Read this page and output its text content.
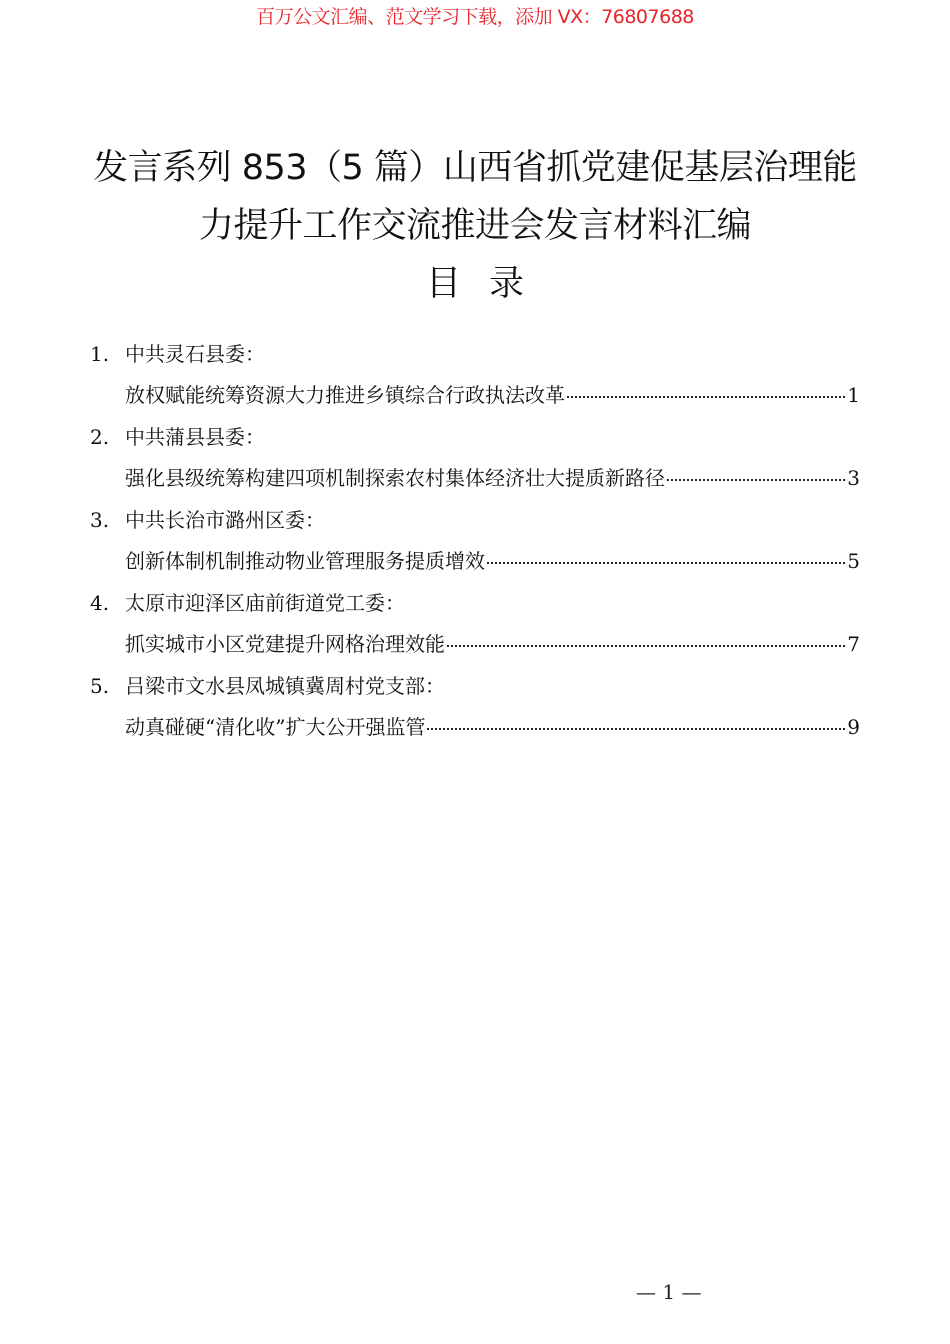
百万公文汇编、范文学习下载，添加 VX：76807688
发言系列 853（5 篇）山西省抓党建促基层治理能
力提升工作交流推进会发言材料汇编
目录
1. 中共灵石县委：
放权赋能统筹资源大力推进乡镇综合行政执法改革	1
2. 中共蒲县县委：
强化县级统筹构建四项机制探索农村集体经济壮大提质新路径	3
3. 中共长治市潞州区委：
创新体制机制推动物业管理服务提质增效	5
4. 太原市迎泽区庙前街道党工委：
抓实城市小区党建提升网格治理效能	7
5. 吕梁市文水县凤城镇冀周村党支部：
动真碰硬“清化收”扩大公开强监管	9
— 1 —
